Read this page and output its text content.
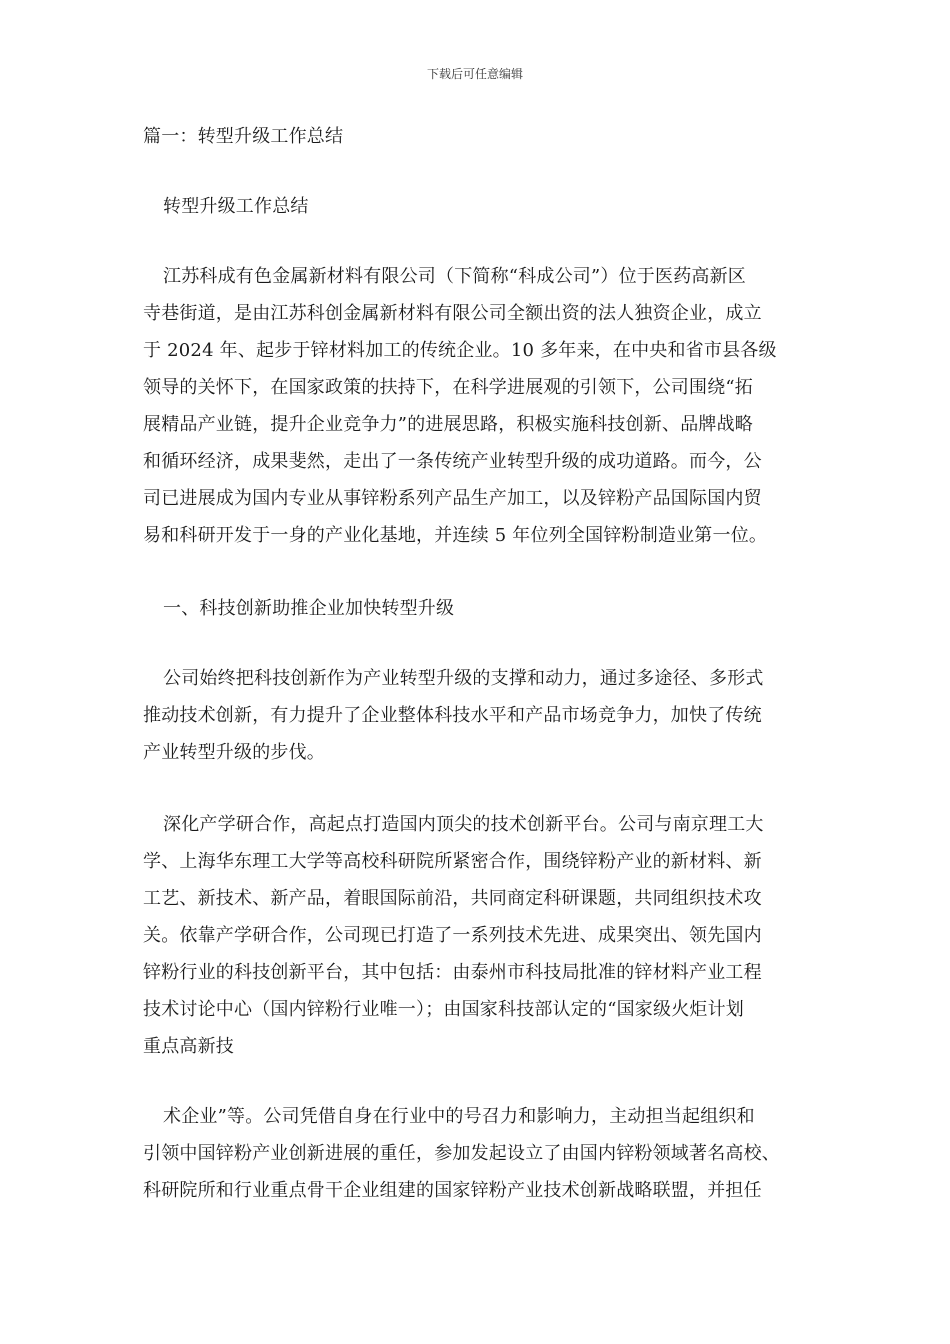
下载后可任意编辑
篇一：转型升级工作总结
转型升级工作总结
江苏科成有色金属新材料有限公司（下简称“科成公司”）位于医药高新区
寺巷街道，是由江苏科创金属新材料有限公司全额出资的法人独资企业，成立
于 2024 年、起步于锌材料加工的传统企业。10 多年来，在中央和省市县各级
领导的关怀下，在国家政策的扶持下，在科学进展观的引领下，公司围绕“拓
展精品产业链，提升企业竞争力”的进展思路，积极实施科技创新、品牌战略
和循环经济，成果斐然，走出了一条传统产业转型升级的成功道路。而今，公
司已进展成为国内专业从事锌粉系列产品生产加工，以及锌粉产品国际国内贸
易和科研开发于一身的产业化基地，并连续 5 年位列全国锌粉制造业第一位。
一、科技创新助推企业加快转型升级
公司始终把科技创新作为产业转型升级的支撑和动力，通过多途径、多形式
推动技术创新，有力提升了企业整体科技水平和产品市场竞争力，加快了传统
产业转型升级的步伐。
深化产学研合作，高起点打造国内顶尖的技术创新平台。公司与南京理工大
学、上海华东理工大学等高校科研院所紧密合作，围绕锌粉产业的新材料、新
工艺、新技术、新产品，着眼国际前沿，共同商定科研课题，共同组织技术攻
关。依靠产学研合作，公司现已打造了一系列技术先进、成果突出、领先国内
锌粉行业的科技创新平台，其中包括：由泰州市科技局批准的锌材料产业工程
技术讨论中心（国内锌粉行业唯一）；由国家科技部认定的“国家级火炬计划
重点高新技
术企业”等。公司凭借自身在行业中的号召力和影响力，主动担当起组织和
引领中国锌粉产业创新进展的重任，参加发起设立了由国内锌粉领域著名高校、
科研院所和行业重点骨干企业组建的国家锌粉产业技术创新战略联盟，并担任
